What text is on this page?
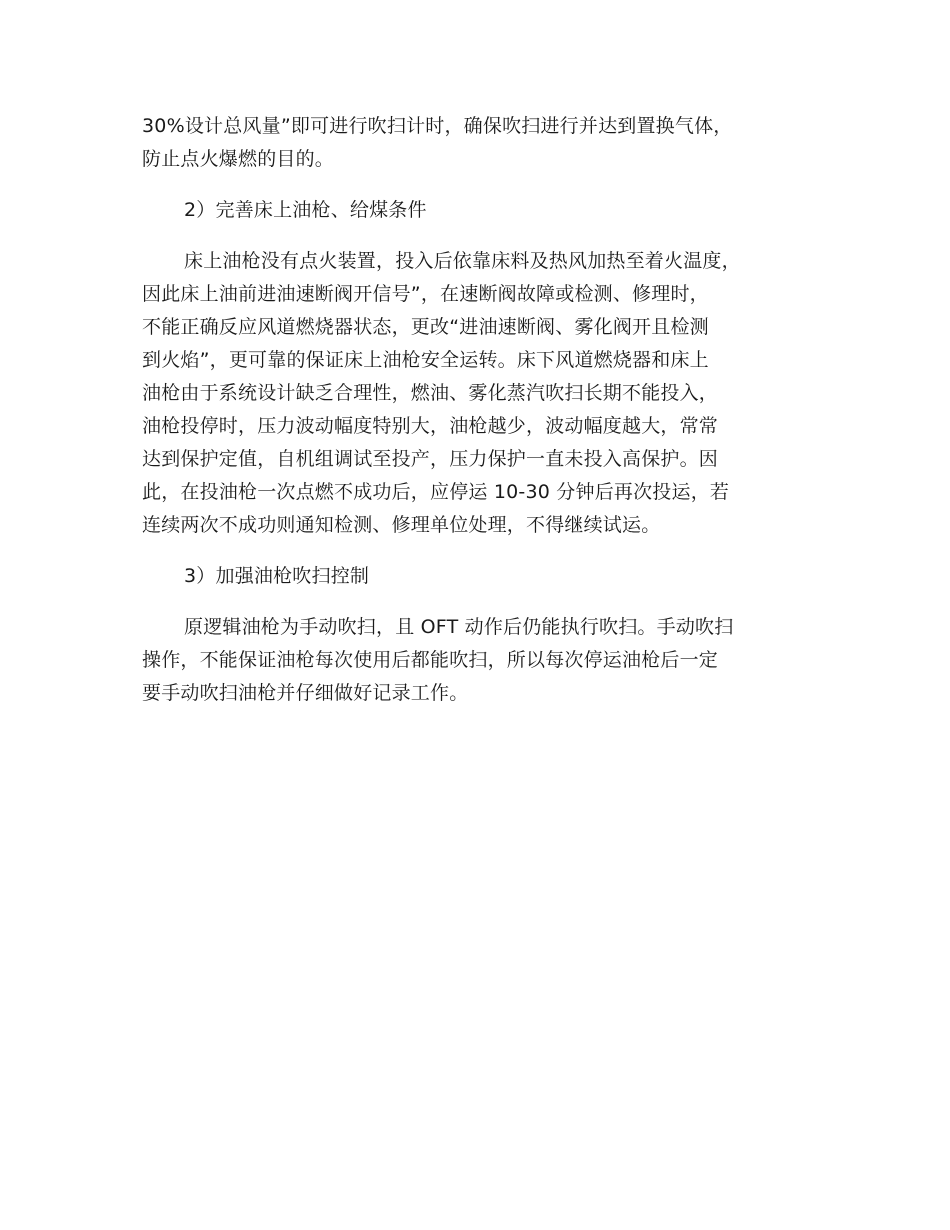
30%设计总风量”即可进行吹扫计时，确保吹扫进行并达到置换气体，
防止点火爆燃的目的。
2）完善床上油枪、给煤条件
床上油枪没有点火装置，投入后依靠床料及热风加热至着火温度，
因此床上油前进油速断阀开信号”，在速断阀故障或检测、修理时，
不能正确反应风道燃烧器状态，更改“进油速断阀、雾化阀开且检测
到火焰”，更可靠的保证床上油枪安全运转。床下风道燃烧器和床上
油枪由于系统设计缺乏合理性，燃油、雾化蒸汽吹扫长期不能投入，
油枪投停时，压力波动幅度特别大，油枪越少，波动幅度越大，常常
达到保护定值，自机组调试至投产，压力保护一直未投入高保护。因
此，在投油枪一次点燃不成功后，应停运 10-30 分钟后再次投运，若
连续两次不成功则通知检测、修理单位处理，不得继续试运。
3）加强油枪吹扫控制
原逻辑油枪为手动吹扫，且 OFT 动作后仍能执行吹扫。手动吹扫
操作，不能保证油枪每次使用后都能吹扫，所以每次停运油枪后一定
要手动吹扫油枪并仔细做好记录工作。
